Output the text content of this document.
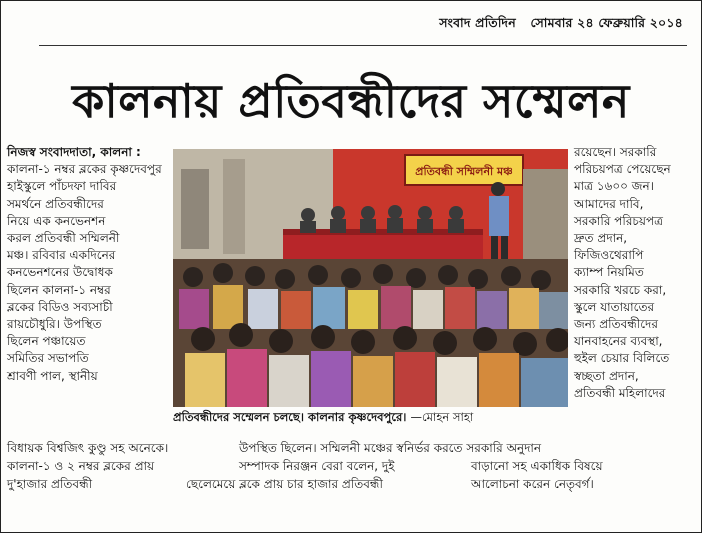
সংবাদ প্রতিদিন সোমবার ২৪ ফেব্রুয়ারি ২০১৪
কালনায় প্রতিবন্ধীদের সম্মেলন

নিজস্ব সংবাদদাতা, কালনা :

কালনা-১ নম্বর ব্লকের কৃষ্ণদেবপুর

হাইস্কুলে পাঁচদফা দাবির

সমর্থনে প্রতিবন্ধীদের

নিয়ে এক কনভেনশন

করল প্রতিবন্ধী সম্মিলনী

মঞ্চ। রবিবার একদিনের

কনভেনশনের উদ্বোধক

ছিলেন কালনা-১ নম্বর

ব্লকের বিডিও সব্যসাচী

রায়চৌধুরি। উপস্থিত

ছিলেন পঞ্চায়েত

সমিতির সভাপতি

শ্রাবণী পাল, স্থানীয়

প্রতিবন্ধী সম্মিলনী মঞ্চ
প্রতিবন্ধীদের সম্মেলন চলছে। কালনার কৃষ্ণদেবপুরে। —মোহন সাহা

রয়েছেন। সরকারি

পরিচয়পত্র পেয়েছেন

মাত্র ১৬০০ জন।

আমাদের দাবি,

সরকারি পরিচয়পত্র

দ্রুত প্রদান,

ফিজিওথেরাপি

ক্যাম্প নিয়মিত

সরকারি খরচে করা,

স্কুলে যাতায়াতের

জন্য প্রতিবন্ধীদের

যানবাহনের ব্যবস্থা,

হুইল চেয়ার বিলিতে

স্বচ্ছতা প্রদান,

প্রতিবন্ধী মহিলাদের

বিধায়ক বিশ্বজিৎ কুণ্ডু সহ অনেকে।	উপস্থিত ছিলেন। সম্মিলনী মঞ্চের স্বনির্ভর করতে সরকারি অনুদান
কালনা-১ ও ২ নম্বর ব্লকের প্রায়	সম্পাদক নিরঞ্জন বেরা বলেন, দুই	বাড়ানো সহ একাধিক বিষয়ে
দু'হাজার প্রতিবন্ধী	ছেলেমেয়ে ব্লকে প্রায় চার হাজার প্রতিবন্ধী	আলোচনা করেন নেতৃবর্গ।
